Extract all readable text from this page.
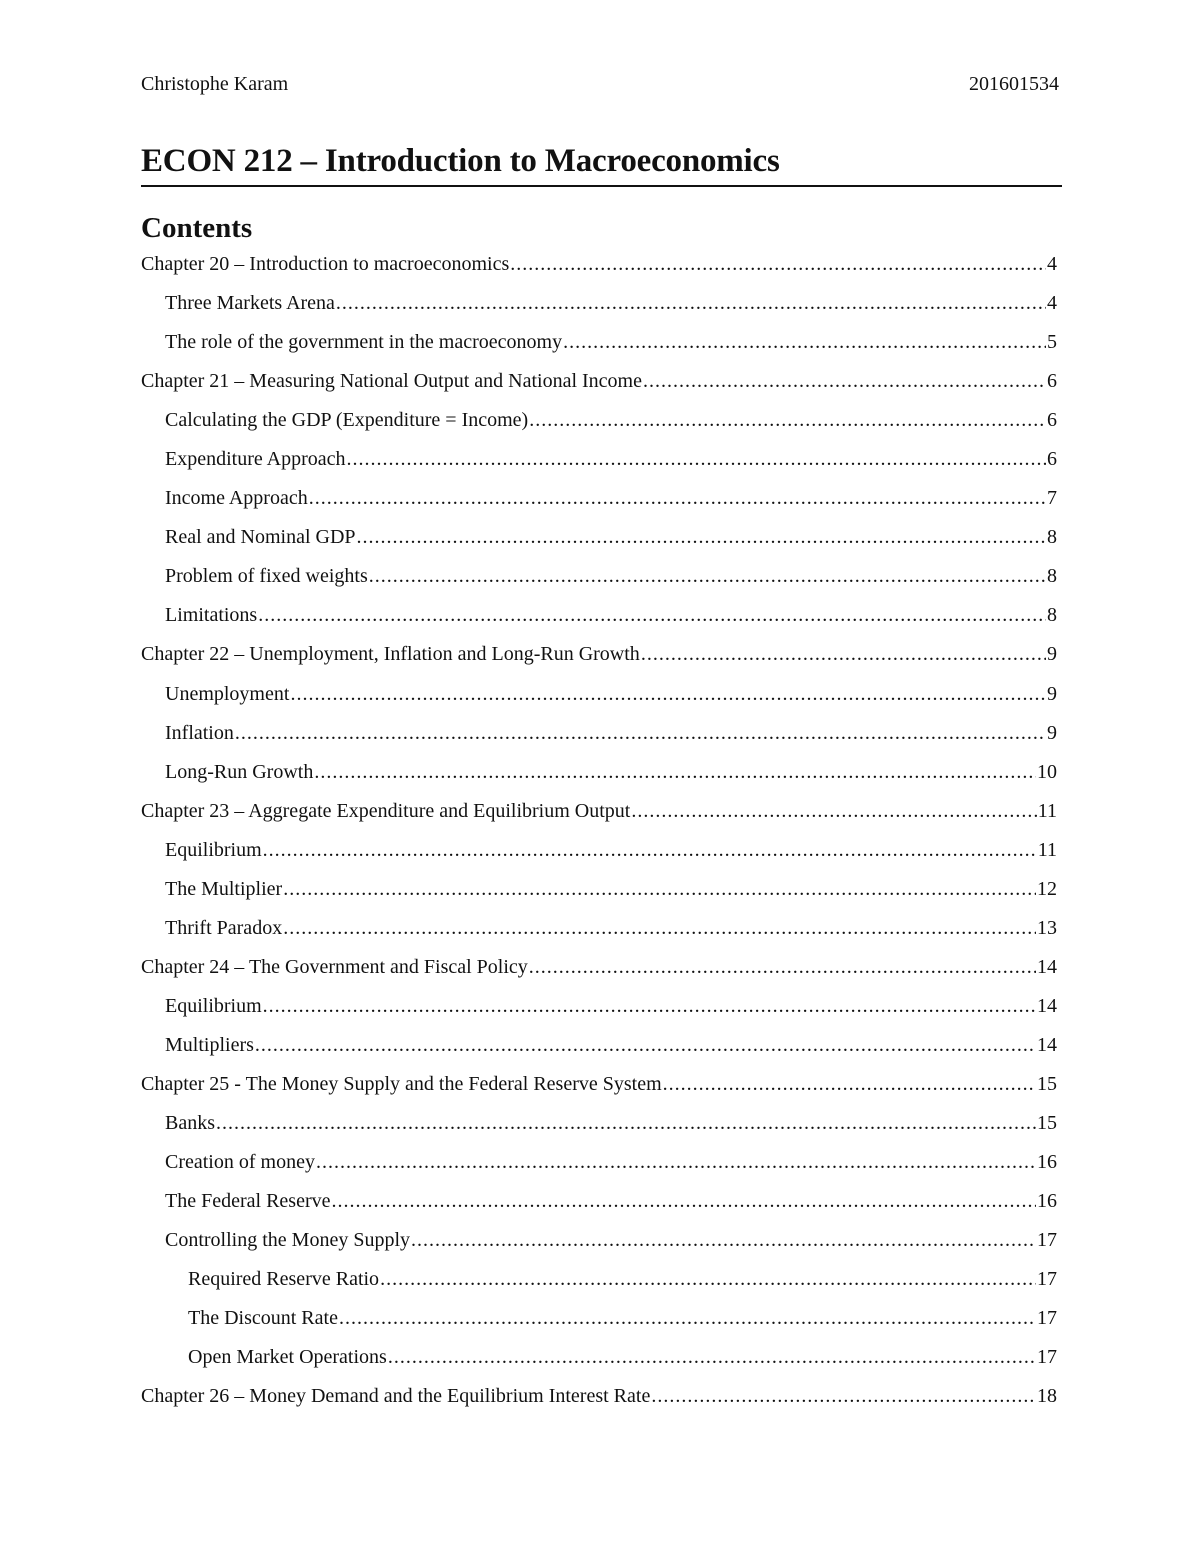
Christophe Karam	201601534
ECON 212 – Introduction to Macroeconomics
Contents
Chapter 20 – Introduction to macroeconomics .....	4
Three Markets Arena .....	4
The role of the government in the macroeconomy .....	5
Chapter 21 – Measuring National Output and National Income .....	6
Calculating the GDP (Expenditure = Income) .....	6
Expenditure Approach .....	6
Income Approach .....	7
Real and Nominal GDP .....	8
Problem of fixed weights .....	8
Limitations .....	8
Chapter 22 – Unemployment, Inflation and Long-Run Growth .....	9
Unemployment .....	9
Inflation .....	9
Long-Run Growth .....	10
Chapter 23 – Aggregate Expenditure and Equilibrium Output .....	11
Equilibrium .....	11
The Multiplier .....	12
Thrift Paradox .....	13
Chapter 24 – The Government and Fiscal Policy .....	14
Equilibrium .....	14
Multipliers .....	14
Chapter 25 - The Money Supply and the Federal Reserve System .....	15
Banks .....	15
Creation of money .....	16
The Federal Reserve .....	16
Controlling the Money Supply .....	17
Required Reserve Ratio .....	17
The Discount Rate .....	17
Open Market Operations .....	17
Chapter 26 – Money Demand and the Equilibrium Interest Rate .....	18
